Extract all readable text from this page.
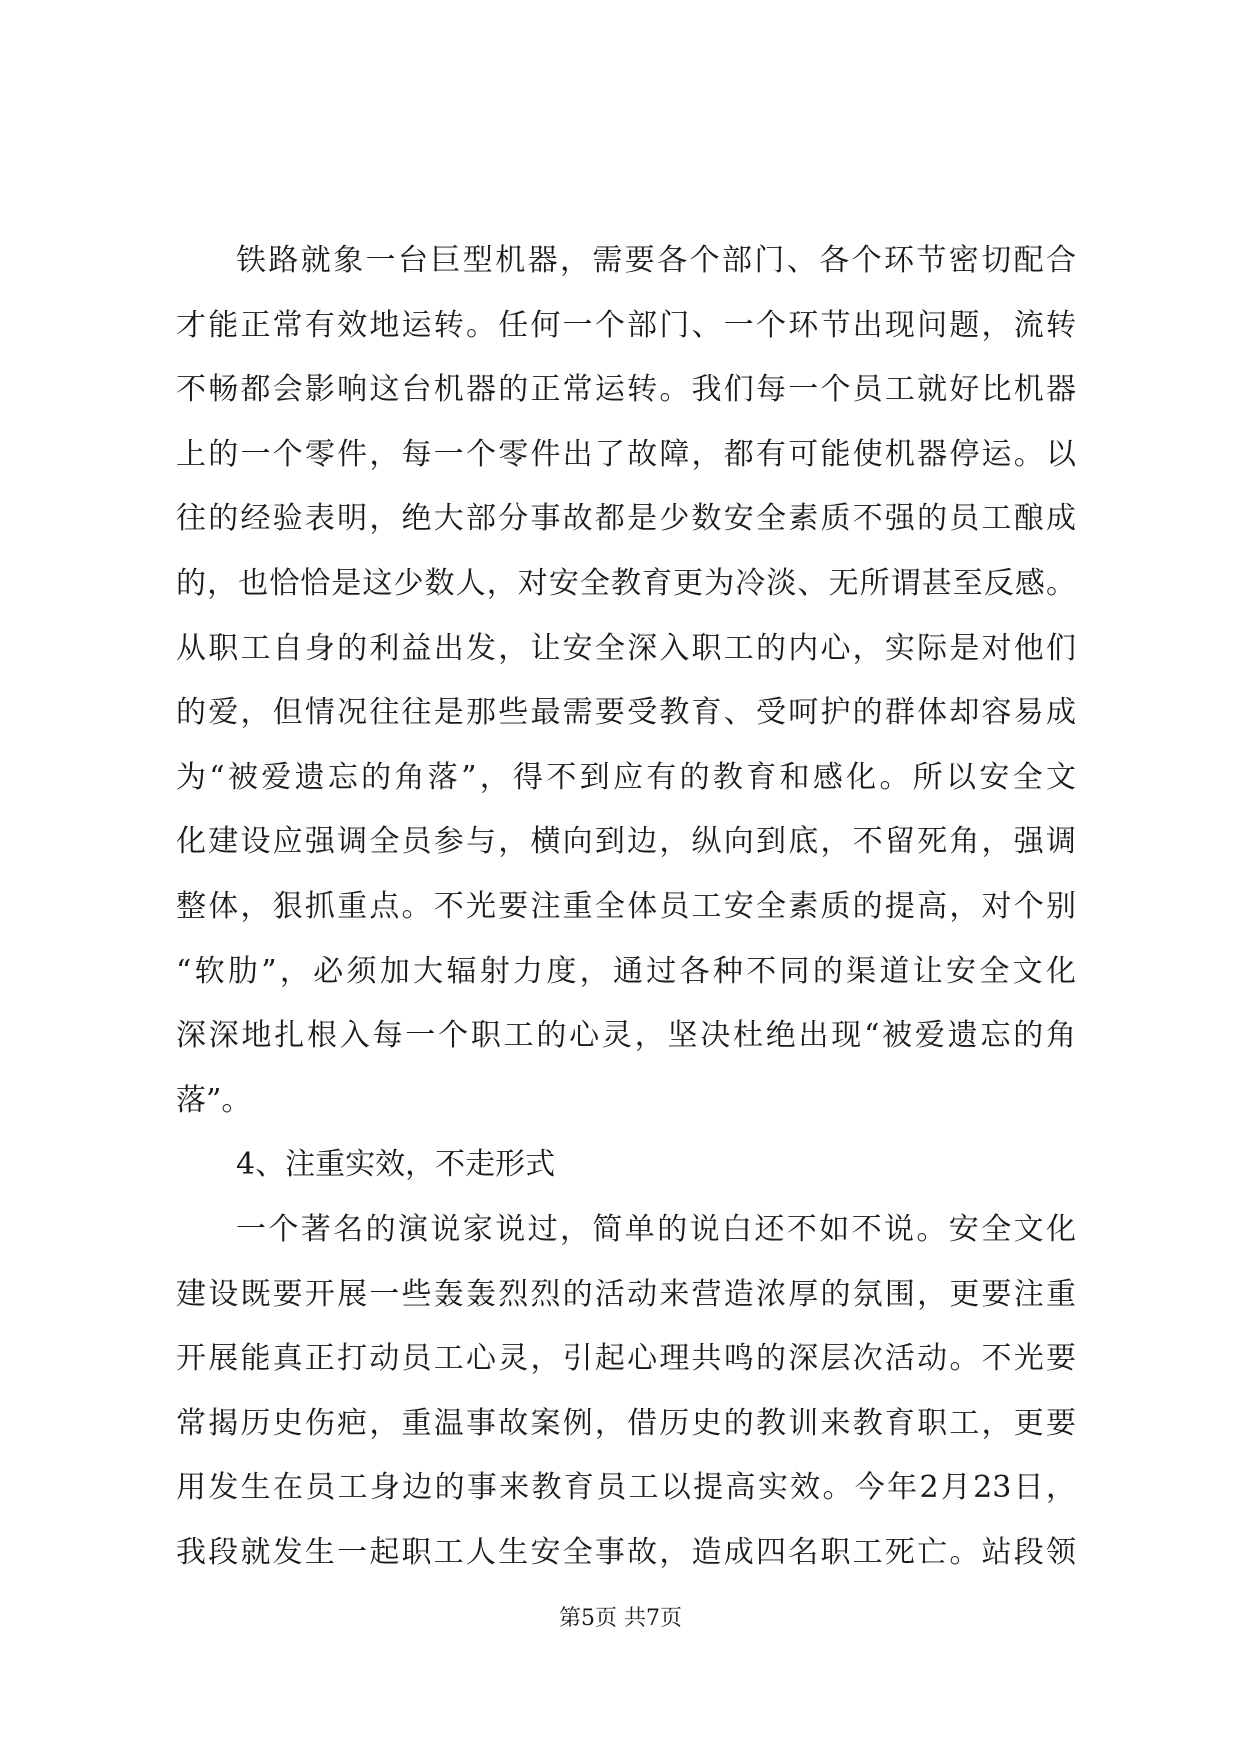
铁路就象一台巨型机器，需要各个部门、各个环节密切配合
才能正常有效地运转。任何一个部门、一个环节出现问题，流转
不畅都会影响这台机器的正常运转。我们每一个员工就好比机器
上的一个零件，每一个零件出了故障，都有可能使机器停运。以
往的经验表明，绝大部分事故都是少数安全素质不强的员工酿成
的，也恰恰是这少数人，对安全教育更为冷淡、无所谓甚至反感。
从职工自身的利益出发，让安全深入职工的内心，实际是对他们
的爱，但情况往往是那些最需要受教育、受呵护的群体却容易成
为“被爱遗忘的角落”，得不到应有的教育和感化。所以安全文
化建设应强调全员参与，横向到边，纵向到底，不留死角，强调
整体，狠抓重点。不光要注重全体员工安全素质的提高，对个别
“软肋”，必须加大辐射力度，通过各种不同的渠道让安全文化
深深地扎根入每一个职工的心灵，坚决杜绝出现“被爱遗忘的角
落”。
4、注重实效，不走形式
一个著名的演说家说过，简单的说白还不如不说。安全文化
建设既要开展一些轰轰烈烈的活动来营造浓厚的氛围，更要注重
开展能真正打动员工心灵，引起心理共鸣的深层次活动。不光要
常揭历史伤疤，重温事故案例，借历史的教训来教育职工，更要
用发生在员工身边的事来教育员工以提高实效。今年2月23日，
我段就发生一起职工人生安全事故，造成四名职工死亡。站段领
第5页 共7页
